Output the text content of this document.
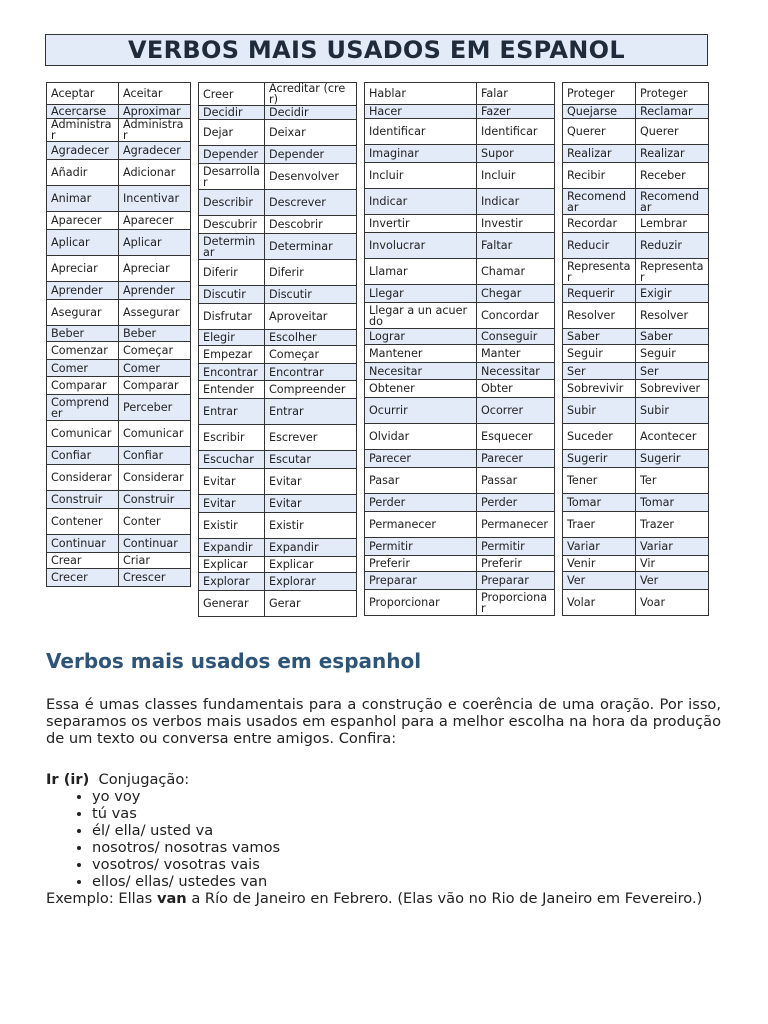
VERBOS MAIS USADOS EM ESPANOL
Aceptar	Aceitar
Acercarse	Aproximar
Administrar	Administrar
Agradecer	Agradecer
Añadir	Adicionar
Animar	Incentivar
Aparecer	Aparecer
Aplicar	Aplicar
Apreciar	Apreciar
Aprender	Aprender
Asegurar	Assegurar
Beber	Beber
Comenzar	Começar
Comer	Comer
Comparar	Comparar
Comprender	Perceber
Comunicar	Comunicar
Confiar	Confiar
Considerar	Considerar
Construir	Construir
Contener	Conter
Continuar	Continuar
Crear	Criar
Crecer	Crescer
Creer	Acreditar (crer)
Decidir	Decidir
Dejar	Deixar
Depender	Depender
Desarrollar	Desenvolver
Describir	Descrever
Descubrir	Descobrir
Determinar	Determinar
Diferir	Diferir
Discutir	Discutir
Disfrutar	Aproveitar
Elegir	Escolher
Empezar	Começar
Encontrar	Encontrar
Entender	Compreender
Entrar	Entrar
Escribir	Escrever
Escuchar	Escutar
Evitar	Evitar
Evitar	Evitar
Existir	Existir
Expandir	Expandir
Explicar	Explicar
Explorar	Explorar
Generar	Gerar
Hablar	Falar
Hacer	Fazer
Identificar	Identificar
Imaginar	Supor
Incluir	Incluir
Indicar	Indicar
Invertir	Investir
Involucrar	Faltar
Llamar	Chamar
Llegar	Chegar
Llegar a un acuerdo	Concordar
Lograr	Conseguir
Mantener	Manter
Necesitar	Necessitar
Obtener	Obter
Ocurrir	Ocorrer
Olvidar	Esquecer
Parecer	Parecer
Pasar	Passar
Perder	Perder
Permanecer	Permanecer
Permitir	Permitir
Preferir	Preferir
Preparar	Preparar
Proporcionar	Proporcionar
Proteger	Proteger
Quejarse	Reclamar
Querer	Querer
Realizar	Realizar
Recibir	Receber
Recomendar	Recomendar
Recordar	Lembrar
Reducir	Reduzir
Representar	Representar
Requerir	Exigir
Resolver	Resolver
Saber	Saber
Seguir	Seguir
Ser	Ser
Sobrevivir	Sobreviver
Subir	Subir
Suceder	Acontecer
Sugerir	Sugerir
Tener	Ter
Tomar	Tomar
Traer	Trazer
Variar	Variar
Venir	Vir
Ver	Ver
Volar	Voar
Verbos mais usados em espanhol
Essa é umas classes fundamentais para a construção e coerência de uma oração. Por isso, separamos os verbos mais usados em espanhol para a melhor escolha na hora da produção de um texto ou conversa entre amigos. Confira:
Ir (ir) Conjugação:
• yo voy
• tú vas
• él/ ella/ usted va
• nosotros/ nosotras vamos
• vosotros/ vosotras vais
• ellos/ ellas/ ustedes van
Exemplo: Ellas van a Río de Janeiro en Febrero. (Elas vão no Rio de Janeiro em Fevereiro.)
